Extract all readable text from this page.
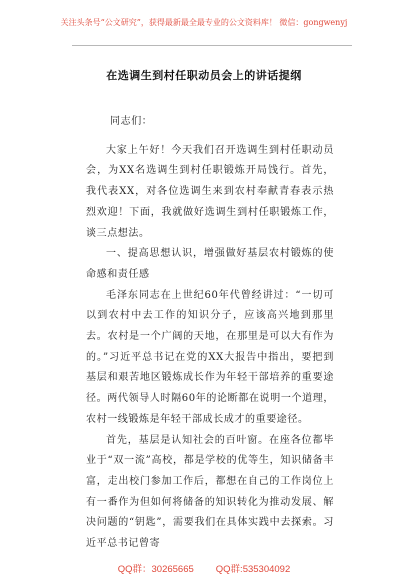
关注头条号“公文研究”，获得最新最全最专业的公文资料库！ 微信：gongwenyj
在选调生到村任职动员会上的讲话提纲

同志们：

大家上午好！今天我们召开选调生到村任职动员会，为XX名选调生到村任职锻炼开局饯行。首先，我代表XX，对各位选调生来到农村奉献青春表示热烈欢迎！下面，我就做好选调生到村任职锻炼工作，谈三点想法。

一、提高思想认识，增强做好基层农村锻炼的使命感和责任感

毛泽东同志在上世纪60年代曾经讲过：“一切可以到农村中去工作的知识分子，应该高兴地到那里去。农村是一个广阔的天地，在那里是可以大有作为的。”习近平总书记在党的XX大报告中指出，要把到基层和艰苦地区锻炼成长作为年轻干部培养的重要途径。两代领导人时隔60年的论断都在说明一个道理，农村一线锻炼是年轻干部成长成才的重要途径。

首先，基层是认知社会的百叶窗。在座各位都毕业于“双一流”高校，都是学校的优等生，知识储备丰富，走出校门参加工作后，都想在自己的工作岗位上有一番作为但如何将储备的知识转化为推动发展、解决问题的“钥匙”，需要我们在具体实践中去探索。习近平总书记曾寄

QQ群：30265665 QQ群:535304092
